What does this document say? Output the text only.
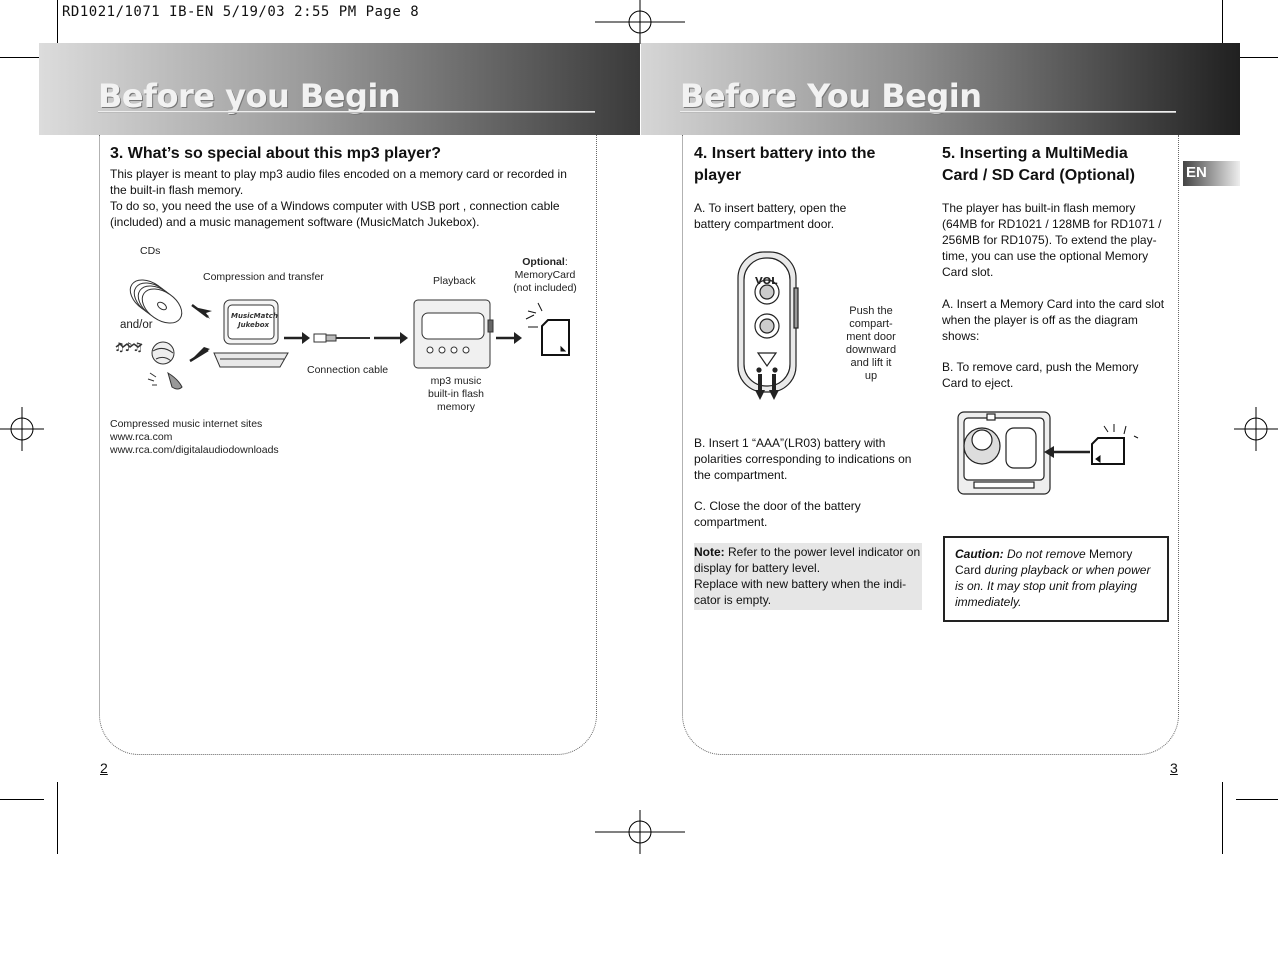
RD1021/1071 IB-EN 5/19/03 2:55 PM Page 8
Before you Begin	Before You Begin
3. What’s so special about this mp3 player?

This player is meant to play mp3 audio files encoded on a memory card or recorded in the built-in flash memory.

To do so, you need the use of a Windows computer with USB port , connection cable (included) and a music management software (MusicMatch Jukebox).

CDs
Compression and transfer
and/or
Connection cable
Playback
Optional:
MemoryCard
(not included)
mp3 music
built-in flash
memory
♫♪♫
MusicMatch
Jukebox
Compressed music internet sites
www.rca.com
www.rca.com/digitalaudiodownloads
2
EN
4. Insert battery into the
player

A. To insert battery, open the
battery compartment door.

VOL
Push the
compart-
ment door
downward
and lift it
up

B. Insert 1 “AAA”(LR03) battery with polarities corresponding to indications on the compartment.

C. Close the door of the battery compartment.

Note: Refer to the power level indicator on display for battery level.
Replace with new battery when the indi-cator is empty.

5. Inserting a MultiMedia
Card / SD Card (Optional)

The player has built-in flash memory (64MB for RD1021 / 128MB for RD1071 / 256MB for RD1075). To extend the play-time, you can use the optional Memory Card slot.

A. Insert a Memory Card into the card slot when the player is off as the diagram shows:

B. To remove card, push the Memory Card to eject.

Caution: Do not remove Memory Card during playback or when power is on. It may stop unit from playing immediately.

3
